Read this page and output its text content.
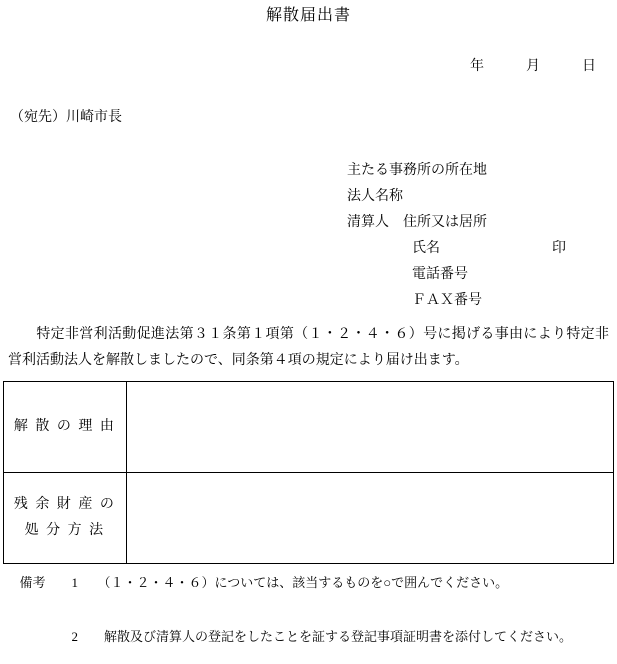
解散届出書
年　　　月　　　日
（宛先）川崎市長
主たる事務所の所在地
法人名称
清算人　住所又は居所
氏名　　　　　　　　印
電話番号
ＦＡＸ番号
　特定非営利活動促進法第３１条第１項第（１・２・４・６）号に掲げる事由により特定非営利活動法人を解散しましたので、同条第４項の規定により届け出ます。
解 散 の 理 由	

残 余 財 産 の
処 分 方 法	

備考　　 1　　 （１・２・４・６）については、該当するものを○で囲んでください。

　　　　2　　 解散及び清算人の登記をしたことを証する登記事項証明書を添付してください。
